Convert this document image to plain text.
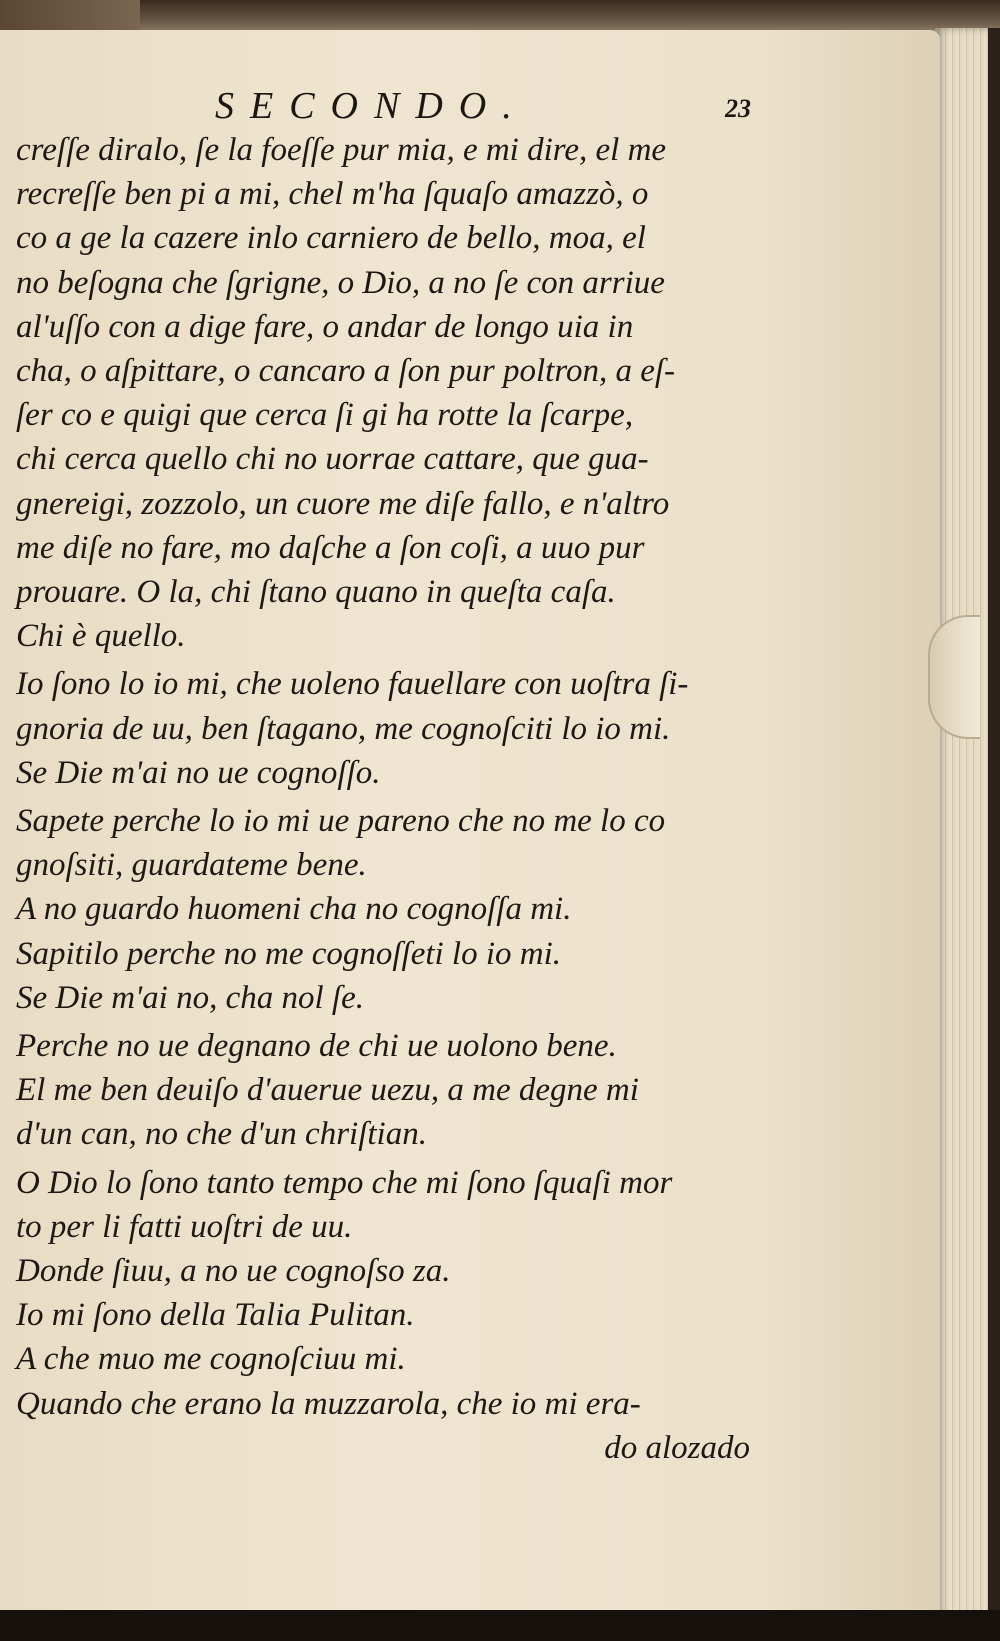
SECONDO.	23
creſſe diralo, ſe la foeſſe pur mia, e mi dire, el me
recreſſe ben pi a mi, chel m'ha ſquaſo amazzò, o
co a ge la cazere inlo carniero de bello, moa, el
no beſogna che ſgrigne, o Dio, a no ſe con arriue
al'uſſo con a dige fare, o andar de longo uia in
cha, o aſpittare, o cancaro a ſon pur poltron, a eſ-
ſer co e quigi que cerca ſi gi ha rotte la ſcarpe,
chi cerca quello chi no uorrae cattare, que gua-
gnereigi, zozzolo, un cuore me diſe fallo, e n'altro
me diſe no fare, mo daſche a ſon coſi, a uuo pur
prouare. O la, chi ſtano quano in queſta caſa.
Chi è quello.
Io ſono lo io mi, che uoleno fauellare con uoſtra ſi-
gnoria de uu, ben ſtagano, me cognoſciti lo io mi.
Se Die m'ai no ue cognoſſo.
Sapete perche lo io mi ue pareno che no me lo co
gnoſsiti, guardateme bene.
A no guardo huomeni cha no cognoſſa mi.
Sapitilo perche no me cognoſſeti lo io mi.
Se Die m'ai no, cha nol ſe.
Perche no ue degnano de chi ue uolono bene.
El me ben deuiſo d'auerue uezu, a me degne mi
d'un can, no che d'un chriſtian.
O Dio lo ſono tanto tempo che mi ſono ſquaſi mor
to per li fatti uoſtri de uu.
Donde ſiuu, a no ue cognoſso za.
Io mi ſono della Talia Pulitan.
A che muo me cognoſciuu mi.
Quando che erano la muzzarola, che io mi era-
do alozado
